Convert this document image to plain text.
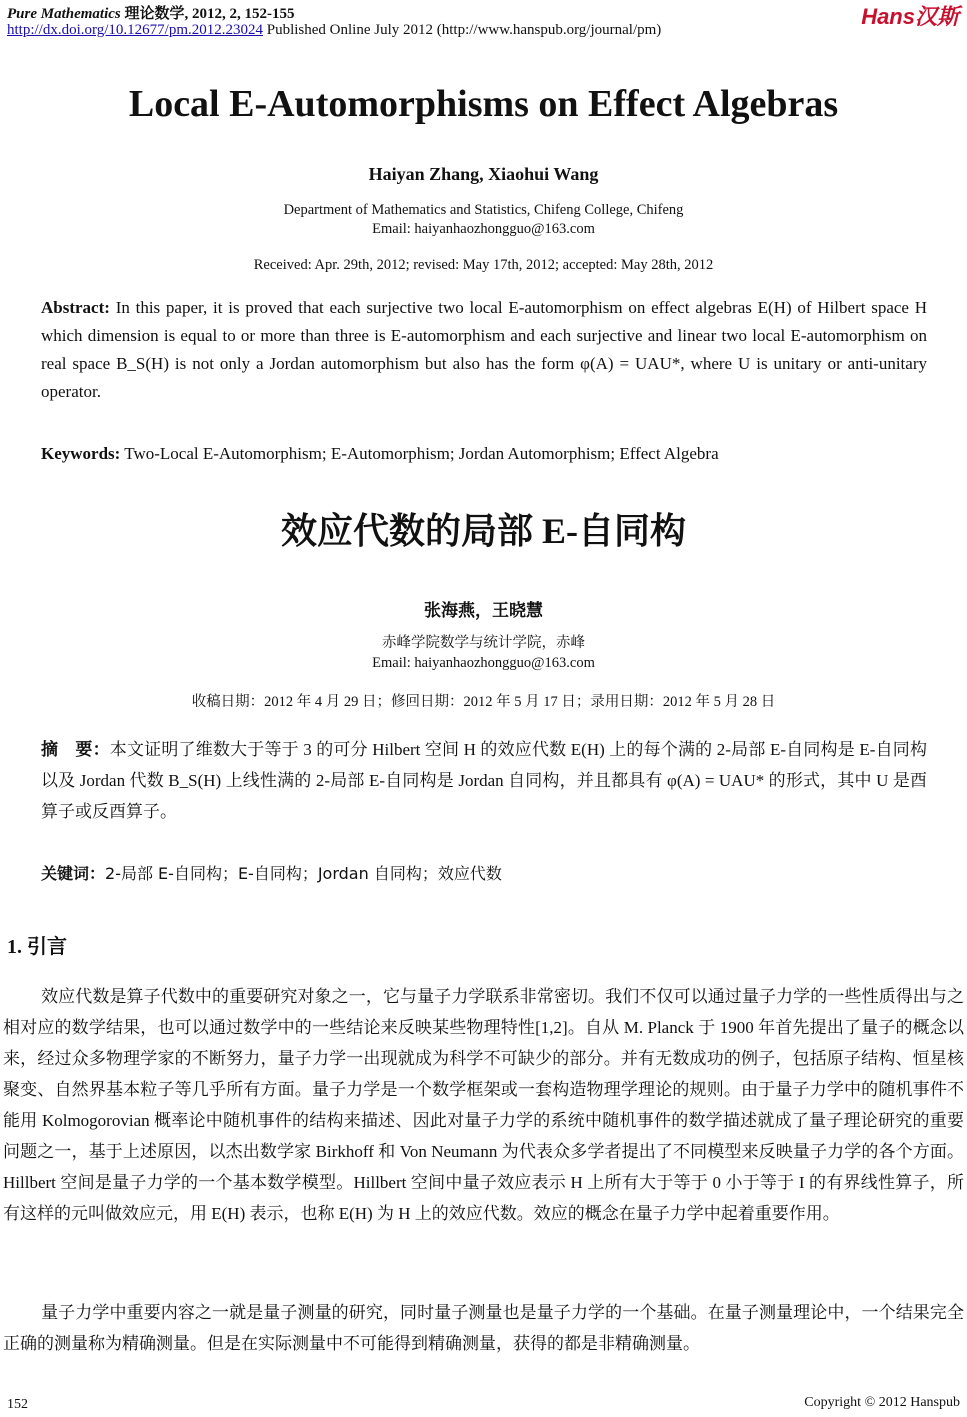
Pure Mathematics 理论数学, 2012, 2, 152-155
http://dx.doi.org/10.12677/pm.2012.23024 Published Online July 2012 (http://www.hanspub.org/journal/pm)
Hans汉斯
Local E-Automorphisms on Effect Algebras
Haiyan Zhang, Xiaohui Wang
Department of Mathematics and Statistics, Chifeng College, Chifeng
Email: haiyanhaozhongguo@163.com
Received: Apr. 29th, 2012; revised: May 17th, 2012; accepted: May 28th, 2012
Abstract: In this paper, it is proved that each surjective two local E-automorphism on effect algebras E(H) of Hilbert space H which dimension is equal to or more than three is E-automorphism and each surjective and linear two local E-automorphism on real space B_S(H) is not only a Jordan automorphism but also has the form φ(A) = UAU*, where U is unitary or anti-unitary operator.
Keywords: Two-Local E-Automorphism; E-Automorphism; Jordan Automorphism; Effect Algebra
效应代数的局部 E-自同构
张海燕，王晓慧
赤峰学院数学与统计学院，赤峰
Email: haiyanhaozhongguo@163.com
收稿日期：2012 年 4 月 29 日；修回日期：2012 年 5 月 17 日；录用日期：2012 年 5 月 28 日
摘　要：本文证明了维数大于等于 3 的可分 Hilbert 空间 H 的效应代数 E(H) 上的每个满的 2-局部 E-自同构是 E-自同构以及 Jordan 代数 B_S(H) 上线性满的 2-局部 E-自同构是 Jordan 自同构，并且都具有 φ(A) = UAU* 的形式，其中 U 是酉算子或反酉算子。
关键词：2-局部 E-自同构；E-自同构；Jordan 自同构；效应代数
1. 引言
效应代数是算子代数中的重要研究对象之一，它与量子力学联系非常密切。我们不仅可以通过量子力学的一些性质得出与之相对应的数学结果，也可以通过数学中的一些结论来反映某些物理特性[1,2]。自从 M. Planck 于 1900 年首先提出了量子的概念以来，经过众多物理学家的不断努力，量子力学一出现就成为科学不可缺少的部分。并有无数成功的例子，包括原子结构、恒星核聚变、自然界基本粒子等几乎所有方面。量子力学是一个数学框架或一套构造物理学理论的规则。由于量子力学中的随机事件不能用 Kolmogorovian 概率论中随机事件的结构来描述、因此对量子力学的系统中随机事件的数学描述就成了量子理论研究的重要问题之一，基于上述原因，以杰出数学家 Birkhoff 和 Von Neumann 为代表众多学者提出了不同模型来反映量子力学的各个方面。Hillbert 空间是量子力学的一个基本数学模型。Hillbert 空间中量子效应表示 H 上所有大于等于 0 小于等于 I 的有界线性算子，所有这样的元叫做效应元，用 E(H) 表示，也称 E(H) 为 H 上的效应代数。效应的概念在量子力学中起着重要作用。
量子力学中重要内容之一就是量子测量的研究，同时量子测量也是量子力学的一个基础。在量子测量理论中，一个结果完全正确的测量称为精确测量。但是在实际测量中不可能得到精确测量，获得的都是非精确测量。
152	Copyright © 2012 Hanspub
